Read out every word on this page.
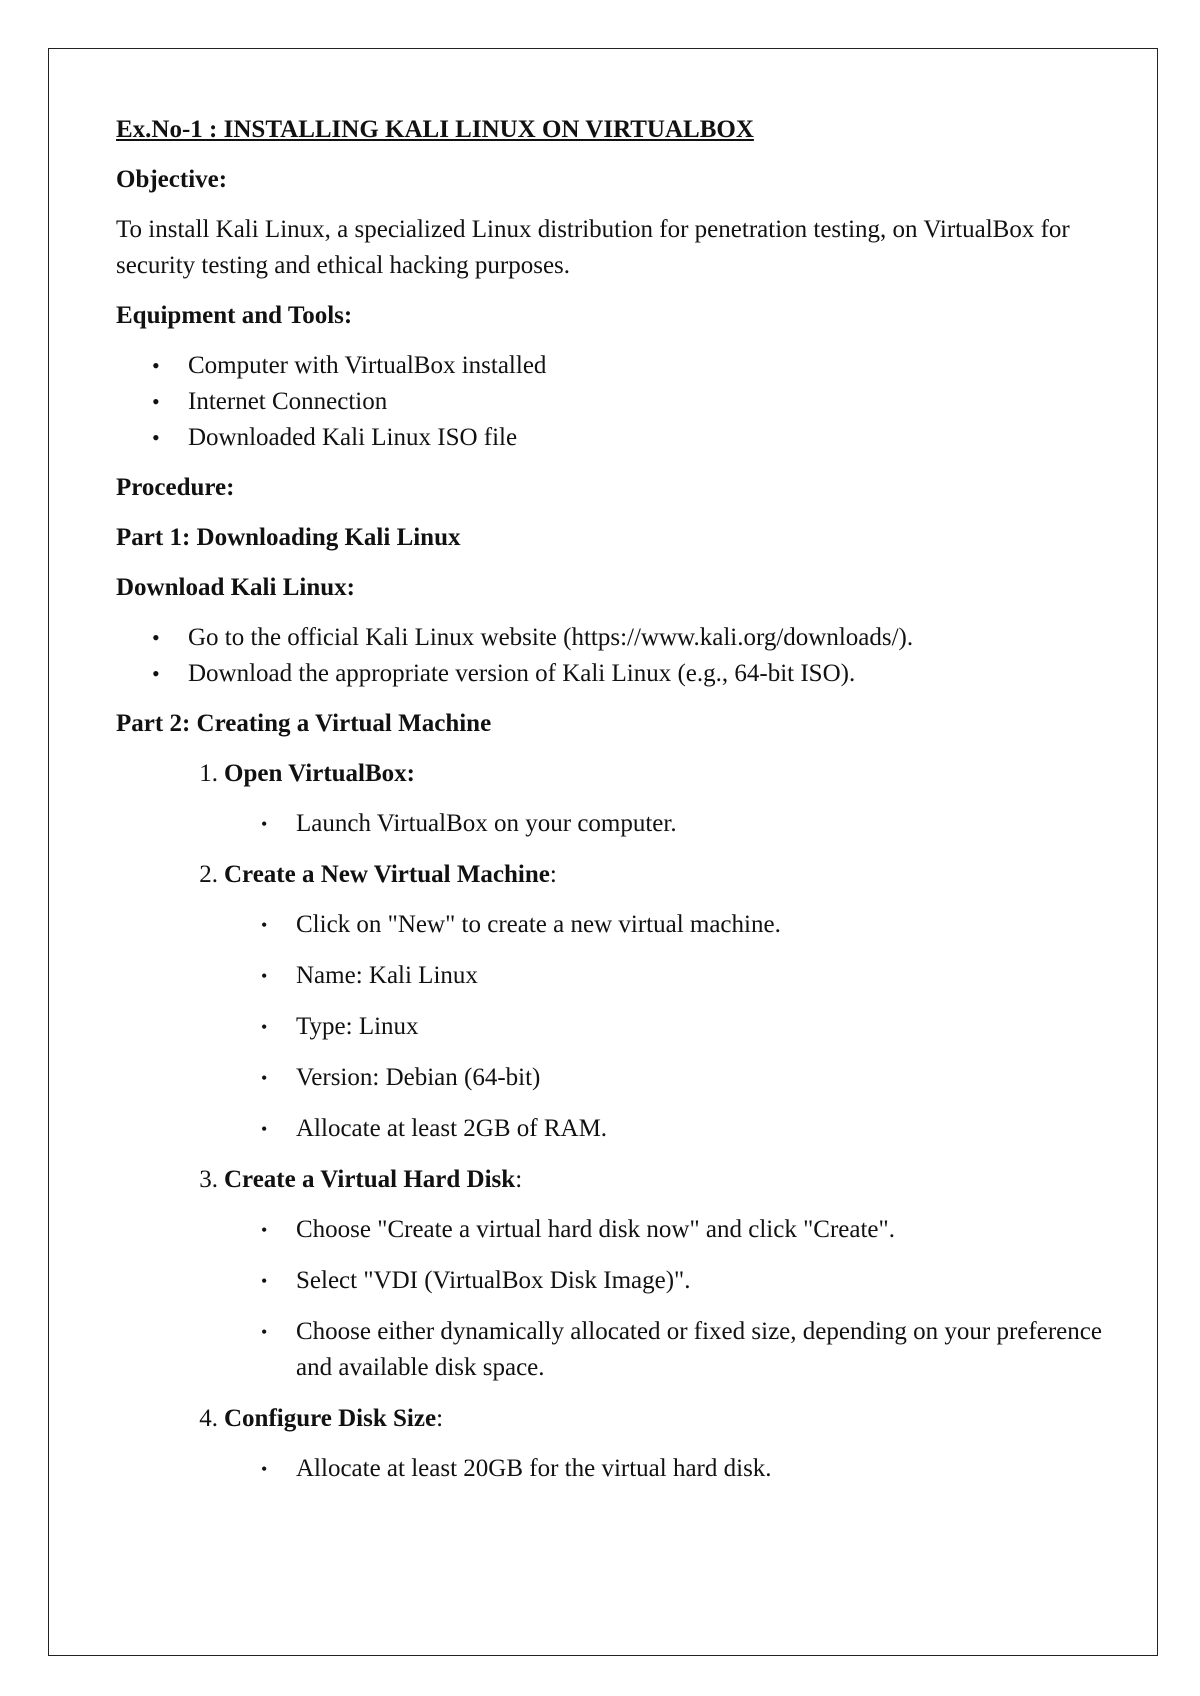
Ex.No-1 : INSTALLING KALI LINUX ON VIRTUALBOX
Objective:

To install Kali Linux, a specialized Linux distribution for penetration testing, on VirtualBox for security testing and ethical hacking purposes.

Equipment and Tools:
• Computer with VirtualBox installed
• Internet Connection
• Downloaded Kali Linux ISO file
Procedure:
Part 1: Downloading Kali Linux
Download Kali Linux:
• Go to the official Kali Linux website (https://www.kali.org/downloads/).
• Download the appropriate version of Kali Linux (e.g., 64-bit ISO).
Part 2: Creating a Virtual Machine
1. Open VirtualBox:
• Launch VirtualBox on your computer.
2. Create a New Virtual Machine:
• Click on "New" to create a new virtual machine.
• Name: Kali Linux
• Type: Linux
• Version: Debian (64-bit)
• Allocate at least 2GB of RAM.
3. Create a Virtual Hard Disk:
• Choose "Create a virtual hard disk now" and click "Create".
• Select "VDI (VirtualBox Disk Image)".
• Choose either dynamically allocated or fixed size, depending on your preference and available disk space.
4. Configure Disk Size:
• Allocate at least 20GB for the virtual hard disk.
